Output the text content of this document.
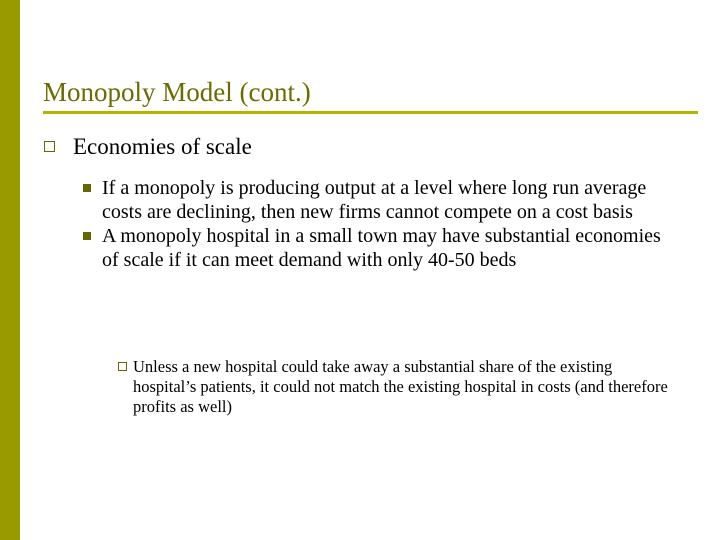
Monopoly Model (cont.)
Economies of scale
If a monopoly is producing output at a level where long run average costs are declining, then new firms cannot compete on a cost basis
A monopoly hospital in a small town may have substantial economies of scale if it can meet demand with only 40-50 beds
Unless a new hospital could take away a substantial share of the existing hospital’s patients, it could not match the existing hospital in costs (and therefore profits as well)
